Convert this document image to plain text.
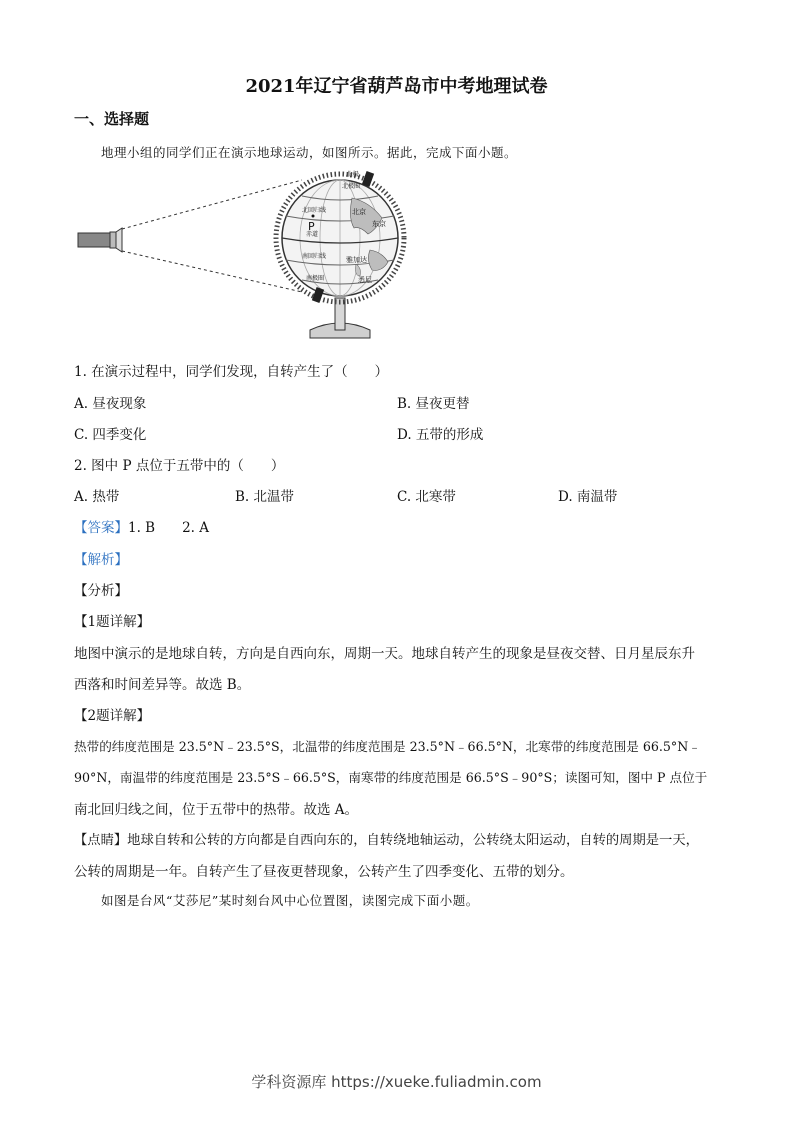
2021年辽宁省葫芦岛市中考地理试卷
一、选择题
地理小组的同学们正在演示地球运动，如图所示。据此，完成下面小题。
北极
北极圈
北回归线
赤道
南回归线
南极圈
北京
东京
雅加达
悉尼
P
1. 在演示过程中，同学们发现，自转产生了（　　）
A. 昼夜现象	B. 昼夜更替
C. 四季变化	D. 五带的形成
2. 图中 P 点位于五带中的（　　）
A. 热带	B. 北温带	C. 北寒带	D. 南温带
【答案】1. B　　2. A
【解析】
【分析】
【1题详解】
地图中演示的是地球自转，方向是自西向东，周期一天。地球自转产生的现象是昼夜交替、日月星辰东升
西落和时间差异等。故选 B。
【2题详解】
热带的纬度范围是 23.5°N﹣23.5°S，北温带的纬度范围是 23.5°N﹣66.5°N，北寒带的纬度范围是 66.5°N﹣
90°N，南温带的纬度范围是 23.5°S﹣66.5°S，南寒带的纬度范围是 66.5°S﹣90°S；读图可知，图中 P 点位于
南北回归线之间，位于五带中的热带。故选 A。
【点睛】地球自转和公转的方向都是自西向东的，自转绕地轴运动，公转绕太阳运动，自转的周期是一天，
公转的周期是一年。自转产生了昼夜更替现象，公转产生了四季变化、五带的划分。
如图是台风“艾莎尼”某时刻台风中心位置图，读图完成下面小题。
学科资源库 https://xueke.fuliadmin.com
